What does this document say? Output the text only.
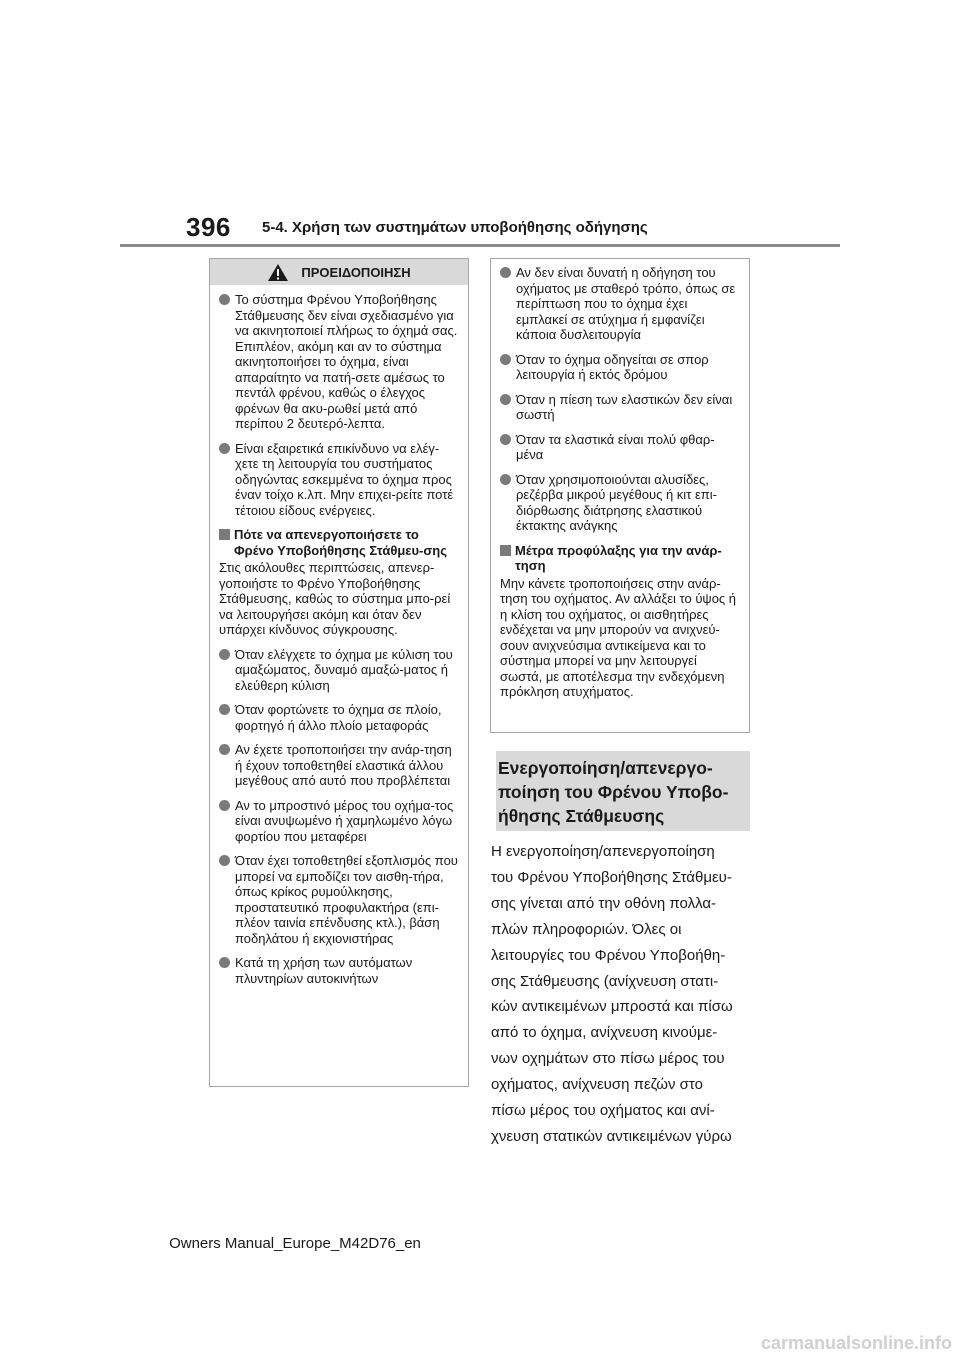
396 5-4. Χρήση των συστημάτων υποβοήθησης οδήγησης
ΠΡΟΕΙΔΟΠΟΙΗΣΗ
Το σύστημα Φρένου Υποβοήθησης Στάθμευσης δεν είναι σχεδιασμένο για να ακινητοποιεί πλήρως το όχημά σας. Επιπλέον, ακόμη και αν το σύστημα ακινητοποιήσει το όχημα, είναι απαραίτητο να πατή-σετε αμέσως το πεντάλ φρένου, καθώς ο έλεγχος φρένων θα ακυ-ρωθεί μετά από περίπου 2 δευτερό-λεπτα.
Είναι εξαιρετικά επικίνδυνο να ελέγ-χετε τη λειτουργία του συστήματος οδηγώντας εσκεμμένα το όχημα προς έναν τοίχο κ.λπ. Μην επιχει-ρείτε ποτέ τέτοιου είδους ενέργειες.
Πότε να απενεργοποιήσετε το Φρένο Υποβοήθησης Στάθμευ-σης
Στις ακόλουθες περιπτώσεις, απενερ-γοποιήστε το Φρένο Υποβοήθησης Στάθμευσης, καθώς το σύστημα μπο-ρεί να λειτουργήσει ακόμη και όταν δεν υπάρχει κίνδυνος σύγκρουσης.
Όταν ελέγχετε το όχημα με κύλιση του αμαξώματος, δυναμό αμαξώ-ματος ή ελεύθερη κύλιση
Όταν φορτώνετε το όχημα σε πλοίο, φορτηγό ή άλλο πλοίο μεταφοράς
Αν έχετε τροποποιήσει την ανάρ-τηση ή έχουν τοποθετηθεί ελαστικά άλλου μεγέθους από αυτό που προβλέπεται
Αν το μπροστινό μέρος του οχήμα-τος είναι ανυψωμένο ή χαμηλωμένο λόγω φορτίου που μεταφέρει
Όταν έχει τοποθετηθεί εξοπλισμός που μπορεί να εμποδίζει τον αισθη-τήρα, όπως κρίκος ρυμούλκησης, προστατευτικό προφυλακτήρα (επι-πλέον ταινία επένδυσης κτλ.), βάση ποδηλάτου ή εκχιονιστήρας
Κατά τη χρήση των αυτόματων πλυντηρίων αυτοκινήτων
Αν δεν είναι δυνατή η οδήγηση του οχήματος με σταθερό τρόπο, όπως σε περίπτωση που το όχημα έχει εμπλακεί σε ατύχημα ή εμφανίζει κάποια δυσλειτουργία
Όταν το όχημα οδηγείται σε σπορ λειτουργία ή εκτός δρόμου
Όταν η πίεση των ελαστικών δεν είναι σωστή
Όταν τα ελαστικά είναι πολύ φθαρ-μένα
Όταν χρησιμοποιούνται αλυσίδες, ρεζέρβα μικρού μεγέθους ή κιτ επι-διόρθωσης διάτρησης ελαστικού έκτακτης ανάγκης
Μέτρα προφύλαξης για την ανάρ-τηση
Μην κάνετε τροποποιήσεις στην ανάρ-τηση του οχήματος. Αν αλλάξει το ύψος ή η κλίση του οχήματος, οι αισθητήρες ενδέχεται να μην μπορούν να ανιχνεύ-σουν ανιχνεύσιμα αντικείμενα και το σύστημα μπορεί να μην λειτουργεί σωστά, με αποτέλεσμα την ενδεχόμενη πρόκληση ατυχήματος.
Ενεργοποίηση/απενεργο-
ποίηση του Φρένου Υποβο-
ήθησης Στάθμευσης
Η ενεργοποίηση/απενεργοποίηση
του Φρένου Υποβοήθησης Στάθμευ-
σης γίνεται από την οθόνη πολλα-
πλών πληροφοριών. Όλες οι
λειτουργίες του Φρένου Υποβοήθη-
σης Στάθμευσης (ανίχνευση στατι-
κών αντικειμένων μπροστά και πίσω
από το όχημα, ανίχνευση κινούμε-
νων οχημάτων στο πίσω μέρος του
οχήματος, ανίχνευση πεζών στο
πίσω μέρος του οχήματος και ανί-
χνευση στατικών αντικειμένων γύρω
Owners Manual_Europe_M42D76_en
carmanualsonline.info
